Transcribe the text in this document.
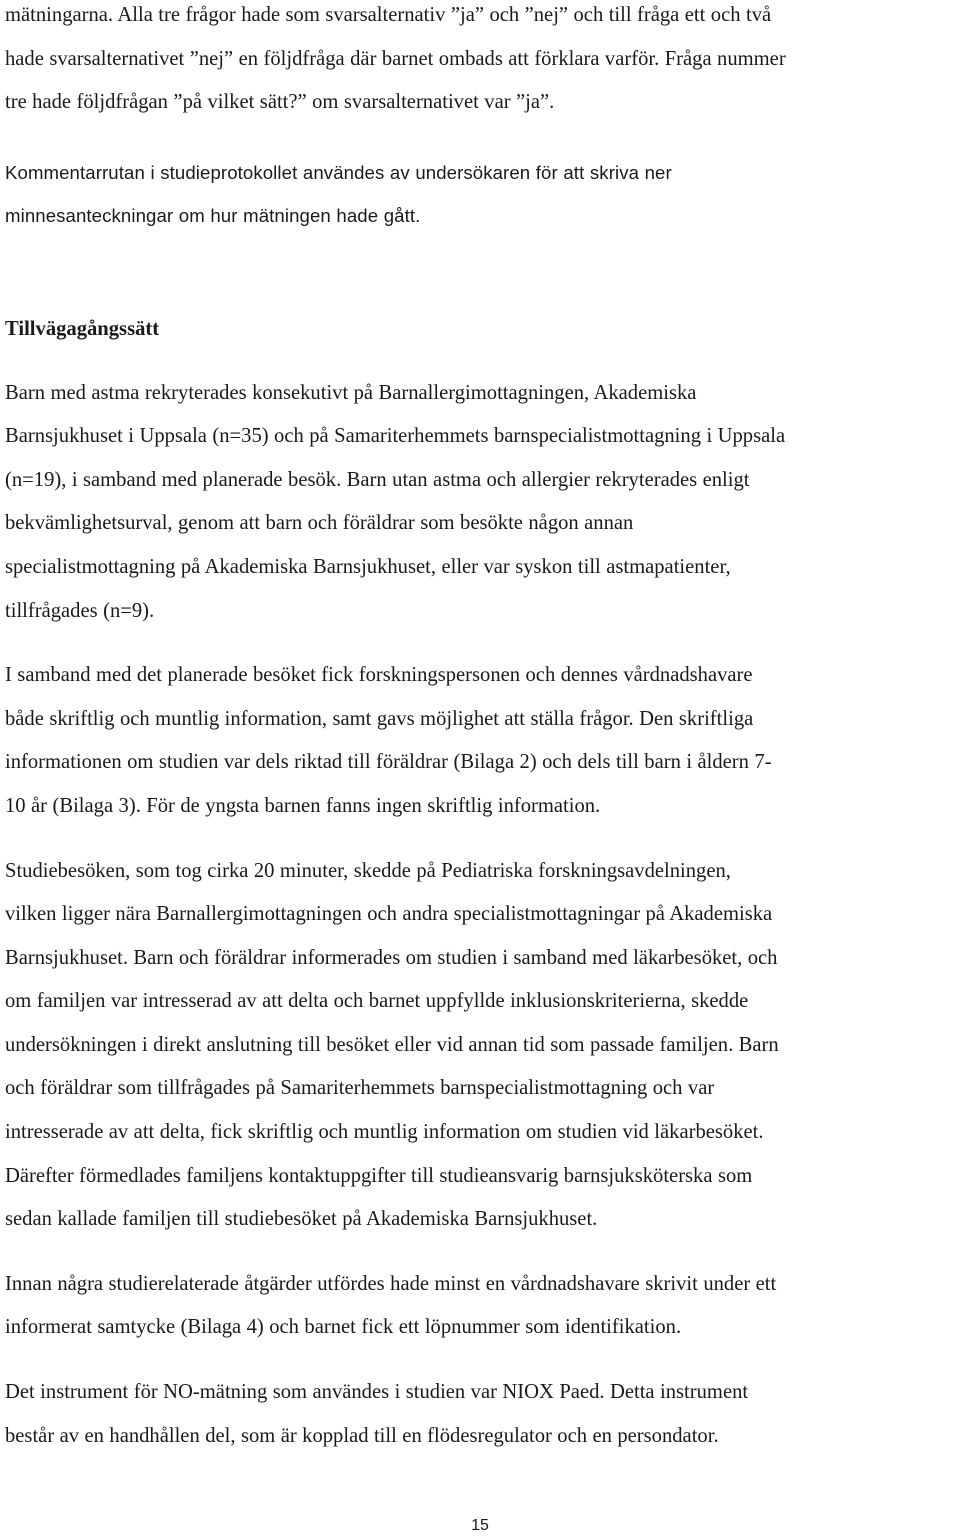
mätningarna. Alla tre frågor hade som svarsalternativ ”ja” och ”nej” och till fråga ett och två

hade svarsalternativet ”nej” en följdfråga där barnet ombads att förklara varför. Fråga nummer

tre hade följdfrågan ”på vilket sätt?” om svarsalternativet var ”ja”.

Kommentarrutan i studieprotokollet användes av undersökaren för att skriva ner

minnesanteckningar om hur mätningen hade gått.

Tillvägagångssätt

Barn med astma rekryterades konsekutivt på Barnallergimottagningen, Akademiska

Barnsjukhuset i Uppsala (n=35) och på Samariterhemmets barnspecialistmottagning i Uppsala

(n=19), i samband med planerade besök. Barn utan astma och allergier rekryterades enligt

bekvämlighetsurval, genom att barn och föräldrar som besökte någon annan

specialistmottagning på Akademiska Barnsjukhuset, eller var syskon till astmapatienter,

tillfrågades (n=9).

I samband med det planerade besöket fick forskningspersonen och dennes vårdnadshavare

både skriftlig och muntlig information, samt gavs möjlighet att ställa frågor. Den skriftliga

informationen om studien var dels riktad till föräldrar (Bilaga 2) och dels till barn i åldern 7-

10 år (Bilaga 3). För de yngsta barnen fanns ingen skriftlig information.

Studiebesöken, som tog cirka 20 minuter, skedde på Pediatriska forskningsavdelningen,

vilken ligger nära Barnallergimottagningen och andra specialistmottagningar på Akademiska

Barnsjukhuset. Barn och föräldrar informerades om studien i samband med läkarbesöket, och

om familjen var intresserad av att delta och barnet uppfyllde inklusionskriterierna, skedde

undersökningen i direkt anslutning till besöket eller vid annan tid som passade familjen. Barn

och föräldrar som tillfrågades på Samariterhemmets barnspecialistmottagning och var

intresserade av att delta, fick skriftlig och muntlig information om studien vid läkarbesöket.

Därefter förmedlades familjens kontaktuppgifter till studieansvarig barnsjuksköterska som

sedan kallade familjen till studiebesöket på Akademiska Barnsjukhuset.

Innan några studierelaterade åtgärder utfördes hade minst en vårdnadshavare skrivit under ett

informerat samtycke (Bilaga 4) och barnet fick ett löpnummer som identifikation.

Det instrument för NO-mätning som användes i studien var NIOX Paed. Detta instrument

består av en handhållen del, som är kopplad till en flödesregulator och en persondator.

15
